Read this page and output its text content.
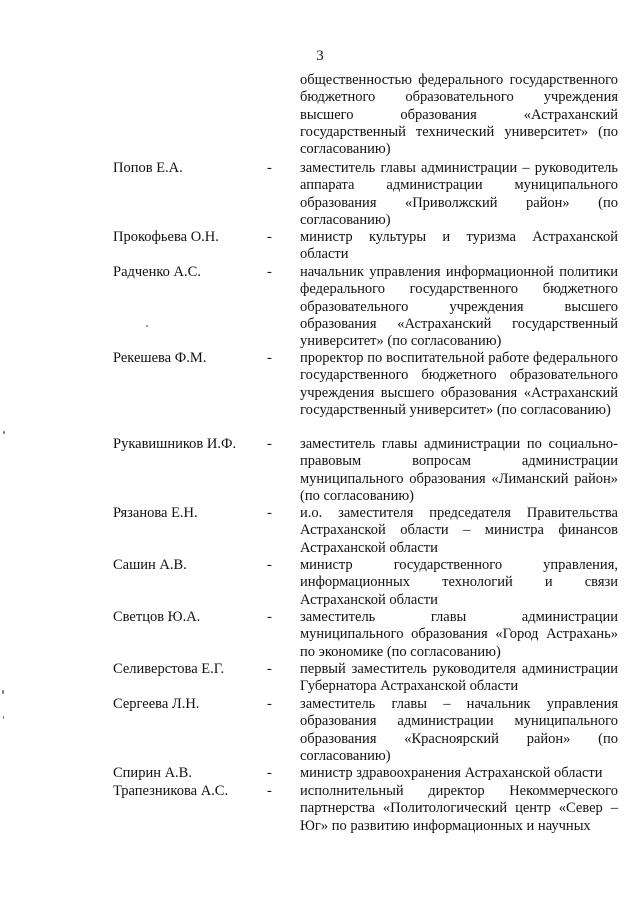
3
общественностью федерального государственного бюджетного образовательного учреждения высшего образования «Астраханский государственный технический университет» (по согласованию)
Попов Е.А.	- заместитель главы администрации – руководитель аппарата администрации муниципального образования «Приволжский район» (по согласованию)
Прокофьева О.Н.	- министр культуры и туризма Астраханской области
Радченко А.С.	- начальник управления информационной политики федерального государственного бюджетного образовательного учреждения высшего образования «Астраханский государственный университет» (по согласованию)
Рекешева Ф.М.	- проректор по воспитательной работе федерального государственного бюджетного образовательного учреждения высшего образования «Астраханский государственный университет» (по согласованию)
Рукавишников И.Ф. - заместитель главы администрации по социально-правовым вопросам администрации муниципального образования «Лиманский район» (по согласованию)
Рязанова Е.Н.	- и.о. заместителя председателя Правительства Астраханской области – министра финансов Астраханской области
Сашин А.В.	- министр государственного управления, информационных технологий и связи Астраханской области
Светцов Ю.А.	- заместитель главы администрации муниципального образования «Город Астрахань» по экономике (по согласованию)
Селиверстова Е.Г.	- первый заместитель руководителя администрации Губернатора Астраханской области
Сергеева Л.Н.	- заместитель главы – начальник управления образования администрации муниципального образования «Красноярский район» (по согласованию)
Спирин А.В.	- министр здравоохранения Астраханской области
Трапезникова А.С.	- исполнительный директор Некоммерческого партнерства «Политологический центр «Север – Юг» по развитию информационных и научных
